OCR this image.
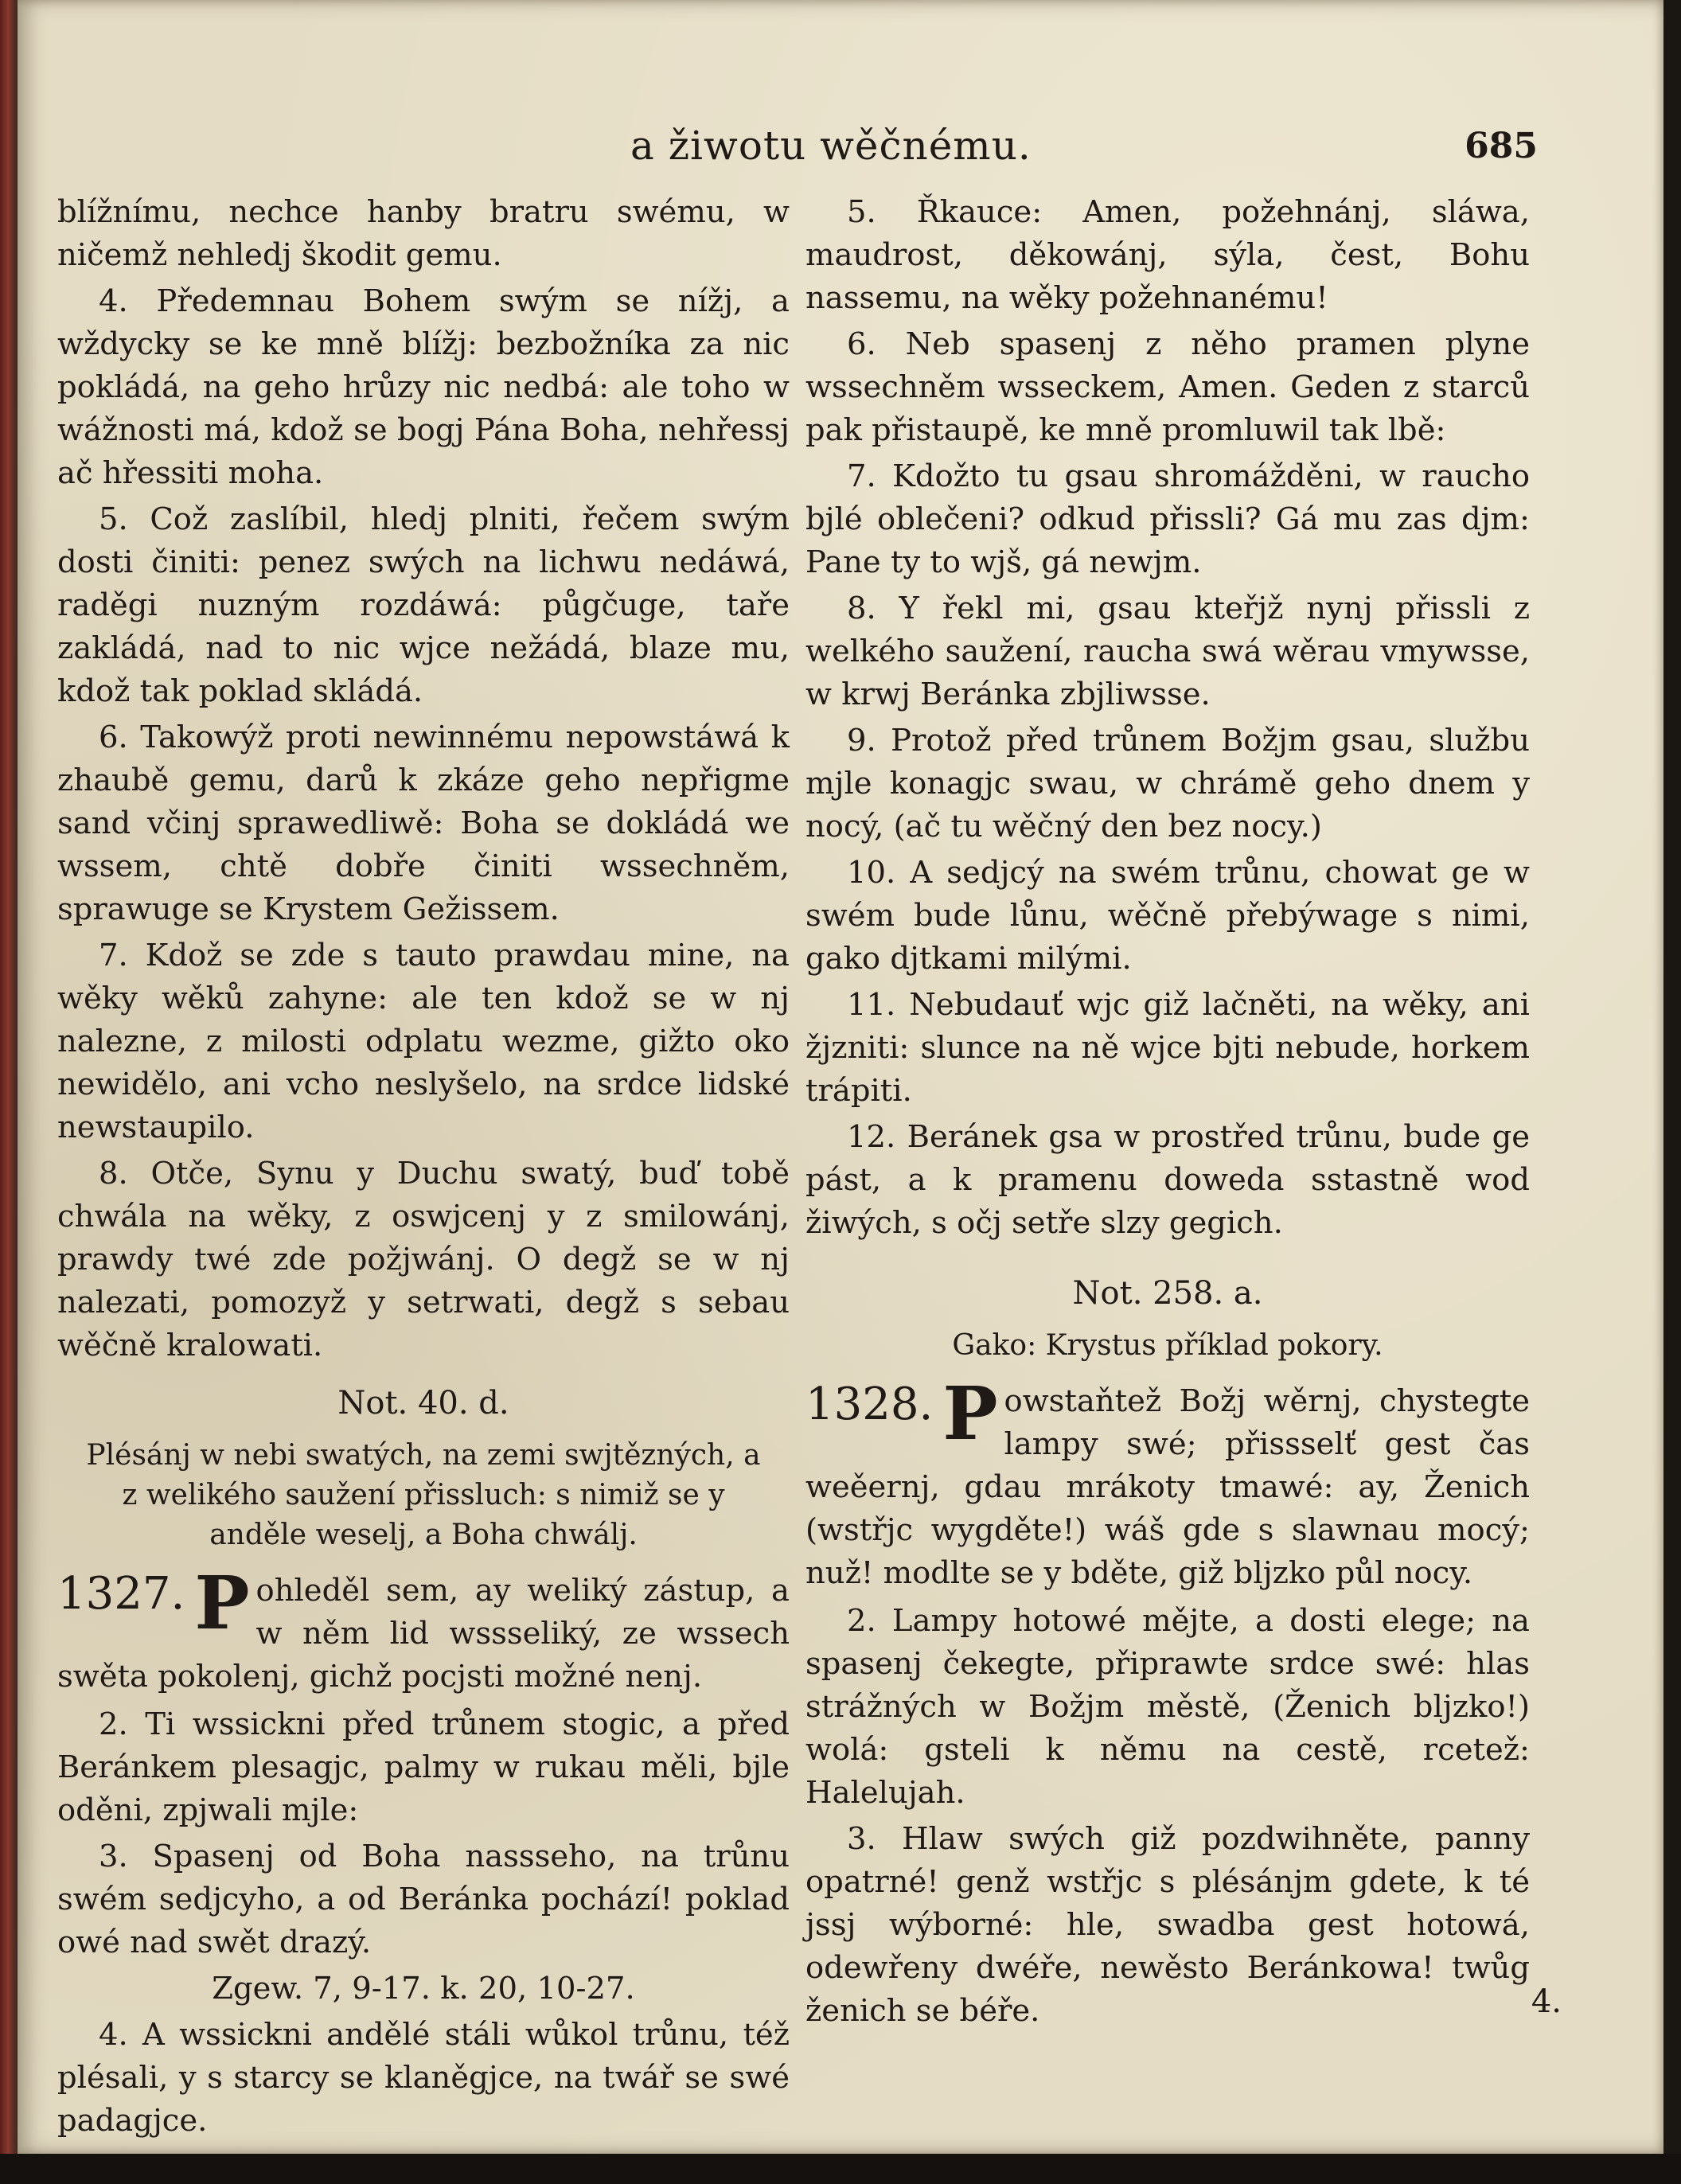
a žiwotu wěčnému.	685

blížnímu, nechce hanby bratru swému, w ničemž nehledj škodit gemu.

4. Předemnau Bohem swým se nížj, a wždycky se ke mně blížj: bezbožníka za nic pokládá, na geho hrůzy nic nedbá: ale toho w wážnosti má, kdož se bogj Pána Boha, nehřessj ač hřessiti moha.

5. Což zaslíbil, hledj plniti, řečem swým dosti činiti: penez swých na lichwu nedáwá, raděgi nuzným rozdáwá: půgčuge, taře zakládá, nad to nic wjce nežádá, blaze mu, kdož tak poklad skládá.

6. Takowýž proti newinnému nepowstáwá k zhaubě gemu, darů k zkáze geho nepřigme sand včinj sprawedliwě: Boha se dokládá we wssem, chtě dobře činiti wssechněm, sprawuge se Krystem Gežissem.

7. Kdož se zde s tauto prawdau mine, na wěky wěků zahyne: ale ten kdož se w nj nalezne, z milosti odplatu wezme, gižto oko newidělo, ani vcho neslyšelo, na srdce lidské newstaupilo.

8. Otče, Synu y Duchu swatý, buď tobě chwála na wěky, z oswjcenj y z smilowánj, prawdy twé zde požjwánj. O degž se w nj nalezati, pomozyž y setrwati, degž s sebau wěčně kralowati.

Not. 40. d.
Plésánj w nebi swatých, na zemi swjtězných, a z welikého saužení přissluch: s nimiž se y anděle weselj, a Boha chwálj.
1327. P ohleděl sem, ay weliký zástup, a w něm lid wssseliký, ze wssech swěta pokolenj, gichž pocjsti možné nenj.

2. Ti wssickni před trůnem stogic, a před Beránkem plesagjc, palmy w rukau měli, bjle oděni, zpjwali mjle:

3. Spasenj od Boha nassseho, na trůnu swém sedjcyho, a od Beránka pochází! poklad owé nad swět drazý.

Zgew. 7, 9-17. k. 20, 10-27.

4. A wssickni andělé stáli wůkol trůnu, též plésali, y s starcy se klaněgjce, na twář se swé padagjce.

5. Řkauce: Amen, požehnánj, sláwa, maudrost, děkowánj, sýla, čest, Bohu nassemu, na wěky požehnanému!

6. Neb spasenj z něho pramen plyne wssechněm wsseckem, Amen. Geden z starců pak přistaupě, ke mně promluwil tak lbě:

7. Kdožto tu gsau shromážděni, w raucho bjlé oblečeni? odkud přissli? Gá mu zas djm: Pane ty to wjš, gá newjm.

8. Y řekl mi, gsau kteřjž nynj přissli z welkého saužení, raucha swá wěrau vmywsse, w krwj Beránka zbjliwsse.

9. Protož před trůnem Božjm gsau, službu mjle konagjc swau, w chrámě geho dnem y nocý, (ač tu wěčný den bez nocy.)

10. A sedjcý na swém trůnu, chowat ge w swém bude lůnu, wěčně přebýwage s nimi, gako djtkami milými.

11. Nebudauť wjc giž lačněti, na wěky, ani žjzniti: slunce na ně wjce bjti nebude, horkem trápiti.

12. Beránek gsa w prostřed trůnu, bude ge pást, a k pramenu doweda sstastně wod žiwých, s očj setře slzy gegich.

Not. 258. a.
Gako: Krystus příklad pokory.
1328. P owstaňtež Božj wěrnj, chystegte lampy swé; přissselť gest čas weěernj, gdau mrákoty tmawé: ay, Ženich (wstřjc wygděte!) wáš gde s slawnau mocý; nuž! modlte se y bděte, giž bljzko půl nocy.

2. Lampy hotowé mějte, a dosti elege; na spasenj čekegte, připrawte srdce swé: hlas strážných w Božjm městě, (Ženich bljzko!) wolá: gsteli k němu na cestě, rcetež: Halelujah.

3. Hlaw swých giž pozdwihněte, panny opatrné! genž wstřjc s plésánjm gdete, k té jssj wýborné: hle, swadba gest hotowá, odewřeny dwéře, newěsto Beránkowa! twůg ženich se béře.	4.
